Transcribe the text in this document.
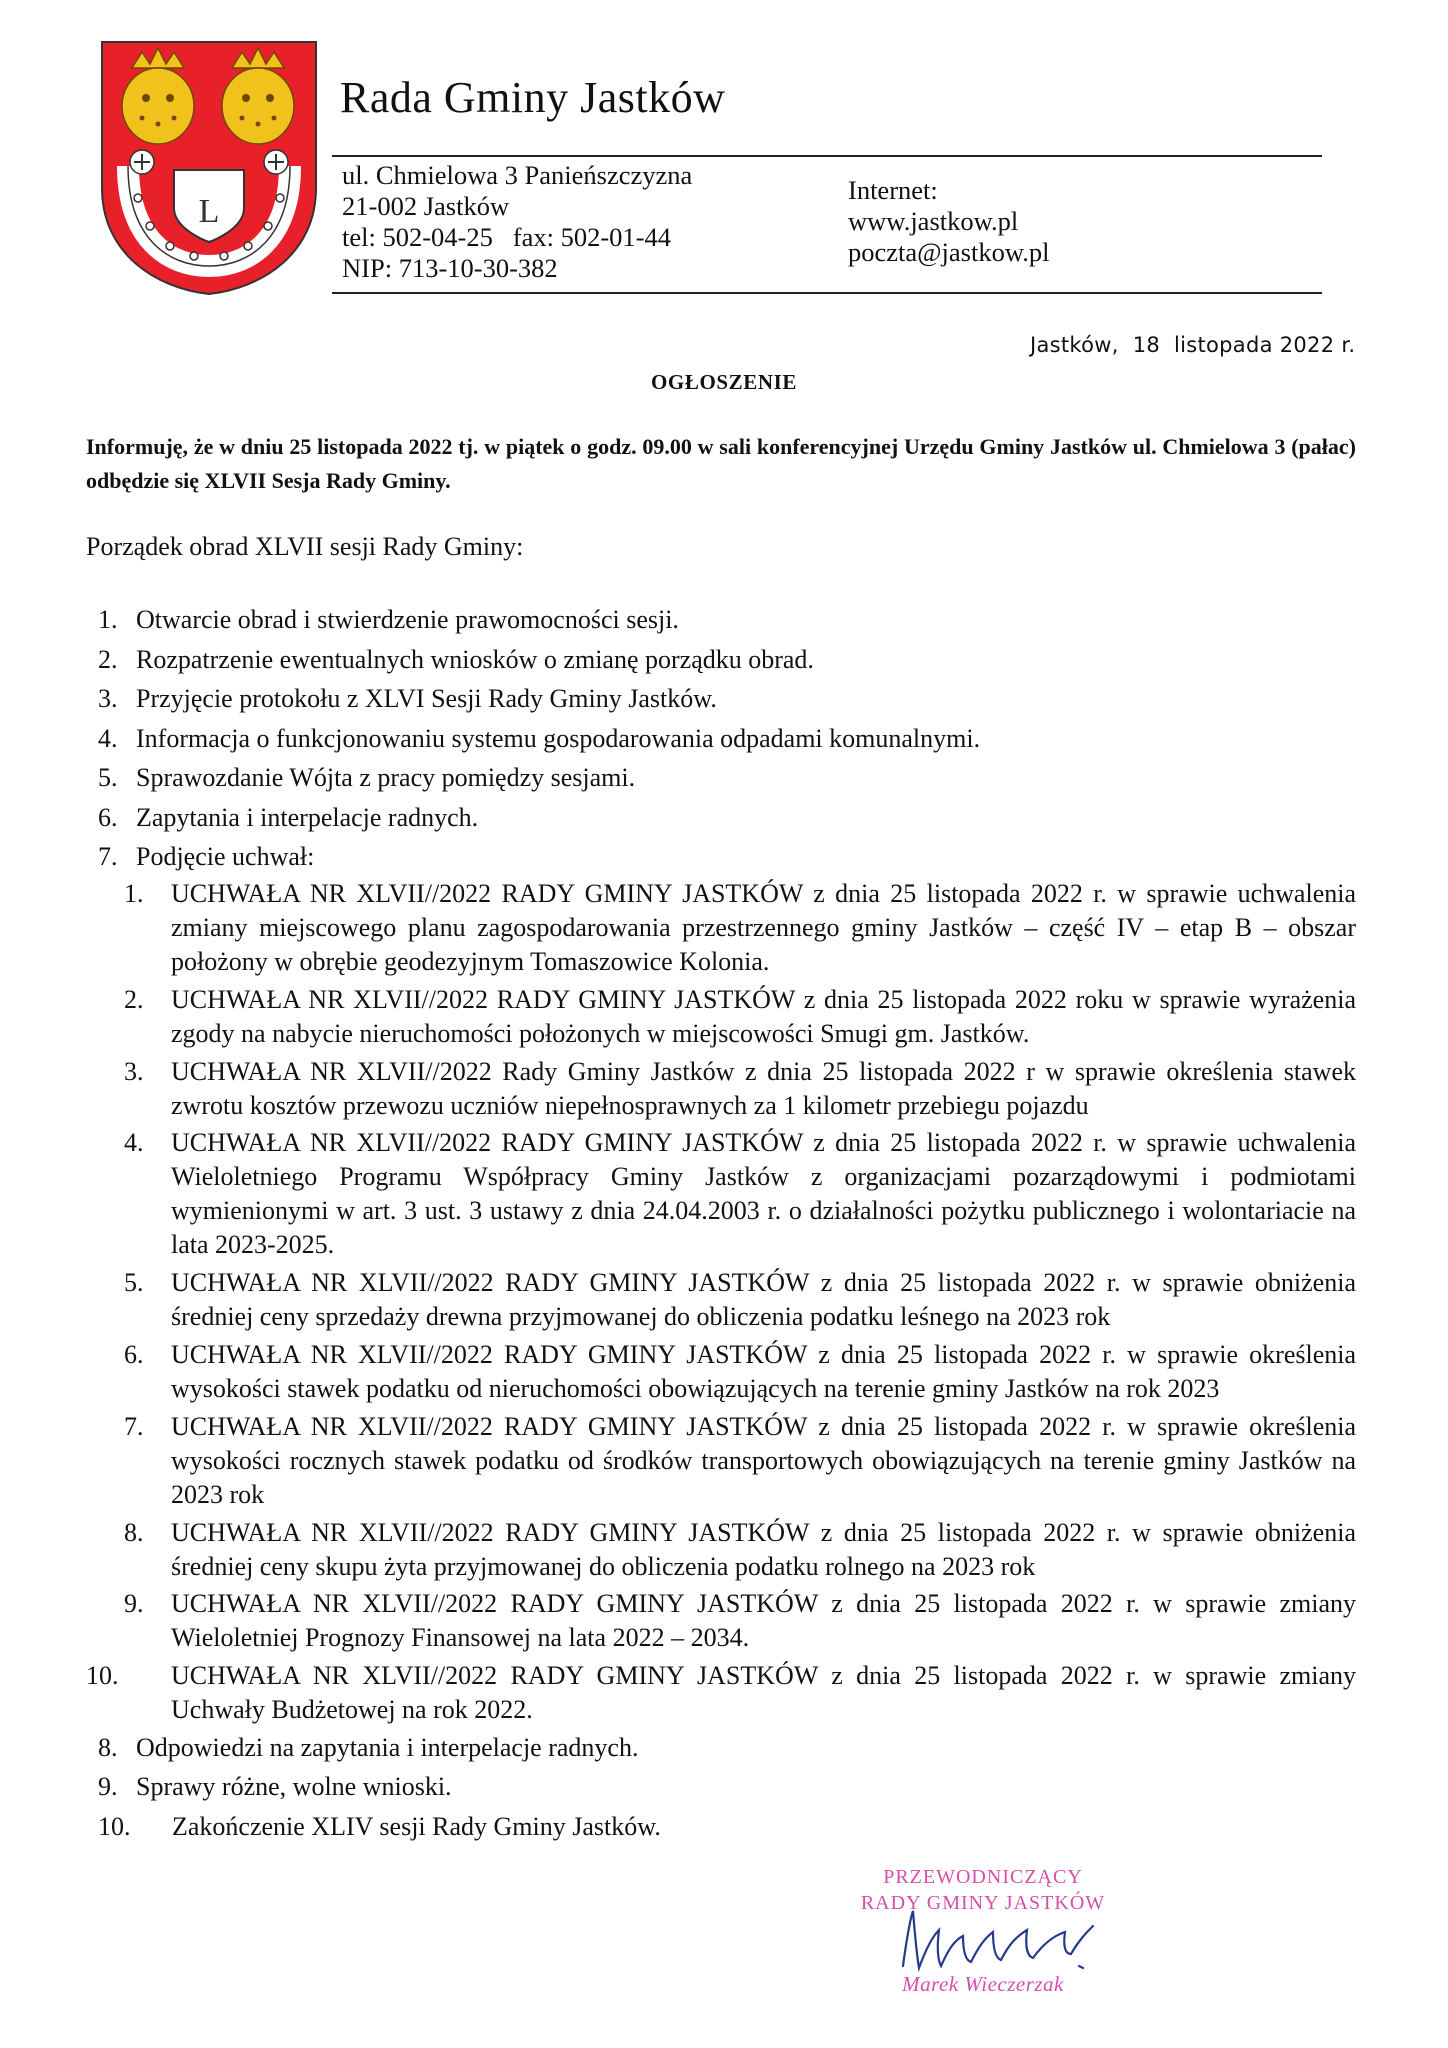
L
Rada Gminy Jastków
ul. Chmielowa 3 Panieńszczyzna
21-002 Jastków
tel: 502-04-25   fax: 502-01-44
NIP: 713-10-30-382
Internet:
www.jastkow.pl
poczta@jastkow.pl
Jastków,  18  listopada 2022 r.
OGŁOSZENIE
Informuję, że w dniu 25 listopada 2022 tj. w piątek o godz. 09.00 w sali konferencyjnej Urzędu Gminy Jastków ul. Chmielowa 3 (pałac) odbędzie się XLVII Sesja Rady Gminy.
Porządek obrad XLVII sesji Rady Gminy:
1. Otwarcie obrad i stwierdzenie prawomocności sesji.
2. Rozpatrzenie ewentualnych wniosków o zmianę porządku obrad.
3. Przyjęcie protokołu z XLVI Sesji Rady Gminy Jastków.
4. Informacja o funkcjonowaniu systemu gospodarowania odpadami komunalnymi.
5. Sprawozdanie Wójta z pracy pomiędzy sesjami.
6. Zapytania i interpelacje radnych.
7. Podjęcie uchwał:
1.	UCHWAŁA NR XLVII//2022 RADY GMINY JASTKÓW z dnia 25 listopada 2022 r. w sprawie uchwalenia zmiany miejscowego planu zagospodarowania przestrzennego gminy Jastków – część IV – etap B – obszar położony w obrębie geodezyjnym Tomaszowice Kolonia.
2.	UCHWAŁA NR XLVII//2022 RADY GMINY JASTKÓW z dnia 25 listopada 2022 roku w sprawie wyrażenia zgody na nabycie nieruchomości położonych w miejscowości Smugi gm. Jastków.
3.	UCHWAŁA NR XLVII//2022 Rady Gminy Jastków z dnia 25 listopada 2022 r w sprawie określenia stawek zwrotu kosztów przewozu uczniów niepełnosprawnych za 1 kilometr przebiegu pojazdu
4.	UCHWAŁA NR XLVII//2022 RADY GMINY JASTKÓW z dnia 25 listopada 2022 r. w sprawie uchwalenia Wieloletniego Programu Współpracy Gminy Jastków z organizacjami pozarządowymi i podmiotami wymienionymi w art. 3 ust. 3 ustawy z dnia 24.04.2003 r. o działalności pożytku publicznego i wolontariacie na lata 2023-2025.
5.	UCHWAŁA NR XLVII//2022 RADY GMINY JASTKÓW z dnia 25 listopada 2022 r. w sprawie obniżenia średniej ceny sprzedaży drewna przyjmowanej do obliczenia podatku leśnego na 2023 rok
6.	UCHWAŁA NR XLVII//2022 RADY GMINY JASTKÓW z dnia 25 listopada 2022 r. w sprawie określenia wysokości stawek podatku od nieruchomości obowiązujących na terenie gminy Jastków na rok 2023
7.	UCHWAŁA NR XLVII//2022 RADY GMINY JASTKÓW z dnia 25 listopada 2022 r. w sprawie określenia wysokości rocznych stawek podatku od środków transportowych obowiązujących na terenie gminy Jastków na 2023 rok
8.	UCHWAŁA NR XLVII//2022 RADY GMINY JASTKÓW z dnia 25 listopada 2022 r. w sprawie obniżenia średniej ceny skupu żyta przyjmowanej do obliczenia podatku rolnego na 2023 rok
9.	UCHWAŁA NR XLVII//2022 RADY GMINY JASTKÓW z dnia 25 listopada 2022 r. w sprawie zmiany Wieloletniej Prognozy Finansowej na lata 2022 – 2034.
10.	UCHWAŁA NR XLVII//2022 RADY GMINY JASTKÓW z dnia 25 listopada 2022 r. w sprawie zmiany Uchwały Budżetowej na rok 2022.
8. Odpowiedzi na zapytania i interpelacje radnych.
9. Sprawy różne, wolne wnioski.
10. Zakończenie XLIV sesji Rady Gminy Jastków.
PRZEWODNICZĄCY
RADY GMINY JASTKÓW
Marek Wieczerzak
